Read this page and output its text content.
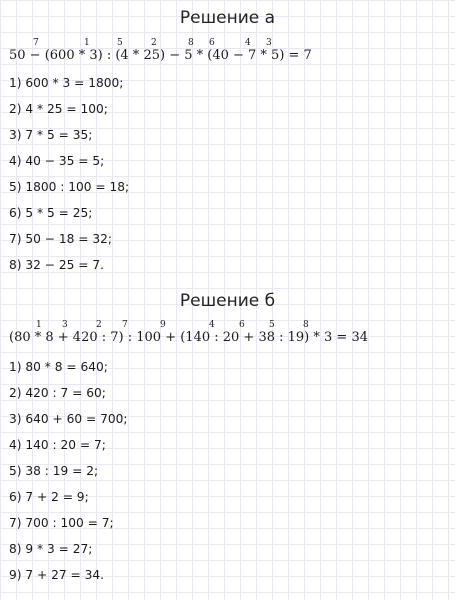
Решение а
50 − (600 * 3) : (4 * 25) − 5 * (40 − 7 * 5) = 7
7	1	5	2	8 6	4 3
1) 600 * 3 = 1800;
2) 4 * 25 = 100;
3) 7 * 5 = 35;
4) 40 − 35 = 5;
5) 1800 : 100 = 18;
6) 5 * 5 = 25;
7) 50 − 18 = 32;
8) 32 − 25 = 7.
Решение б
(80 * 8 + 420 : 7) : 100 + (140 : 20 + 38 : 19) * 3 = 34
1 3	2 7	9	4	6	5	8
1) 80 * 8 = 640;
2) 420 : 7 = 60;
3) 640 + 60 = 700;
4) 140 : 20 = 7;
5) 38 : 19 = 2;
6) 7 + 2 = 9;
7) 700 : 100 = 7;
8) 9 * 3 = 27;
9) 7 + 27 = 34.
